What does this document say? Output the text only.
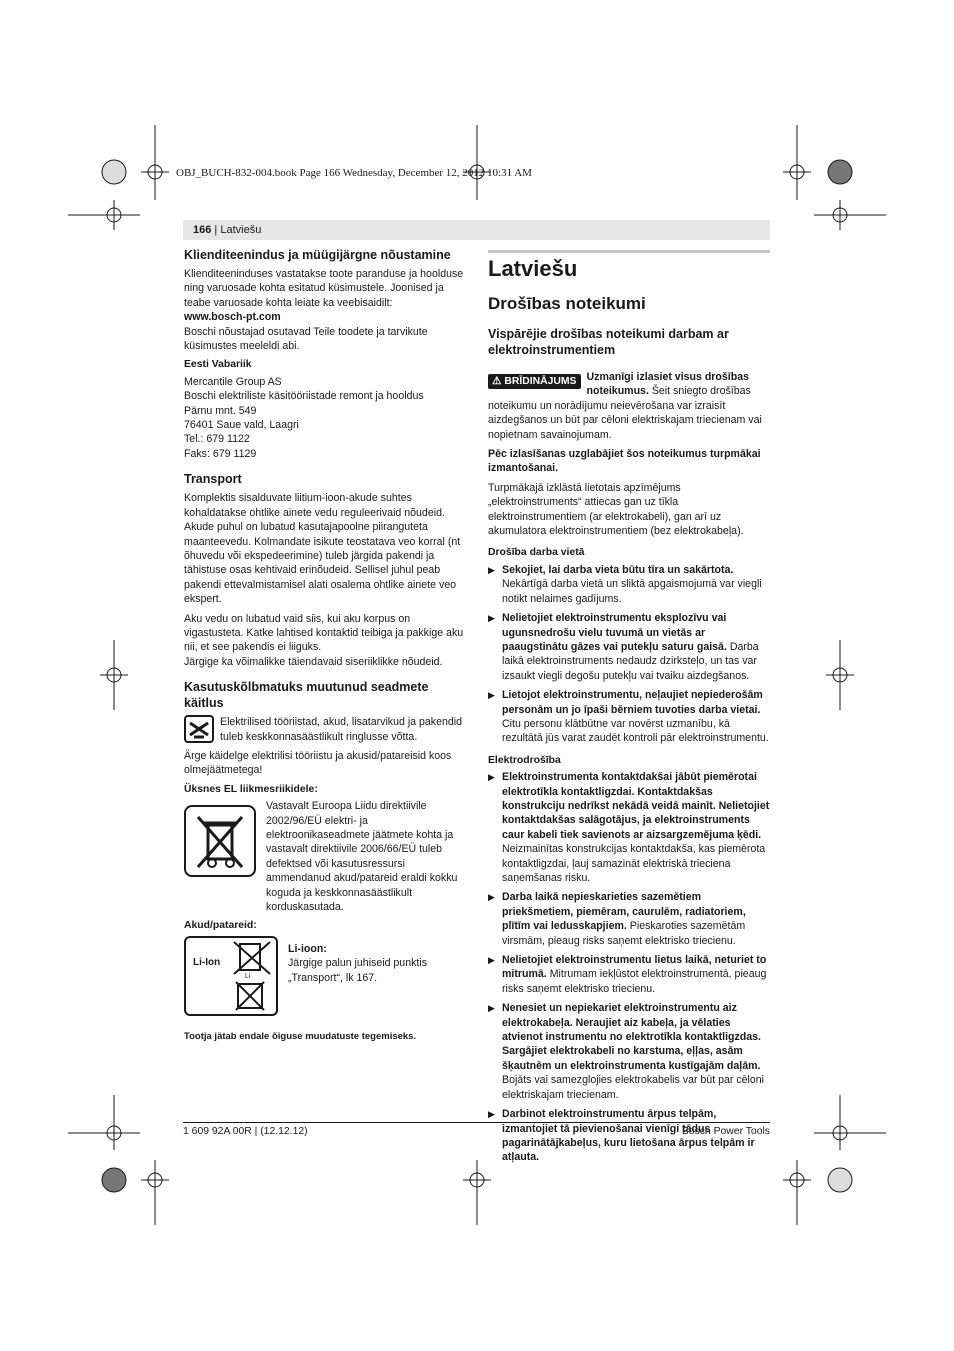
OBJ_BUCH-832-004.book Page 166 Wednesday, December 12, 2012 10:31 AM
166 | Latviešu

Klienditeenindus ja müügijärgne nõustamine

Klienditeeninduses vastatakse toote paranduse ja hoolduse ning varuosade kohta esitatud küsimustele. Joonised ja teabe varuosade kohta leiate ka veebisaidilt:

www.bosch-pt.com

Boschi nõustajad osutavad Teile toodete ja tarvikute küsimustes meeleldi abi.

Eesti Vabariik

Mercantile Group AS

Boschi elektriliste käsitööriistade remont ja hooldus

Pärnu mnt. 549

76401 Saue vald, Laagri

Tel.: 679 1122

Faks: 679 1129

Transport

Komplektis sisalduvate liitium-ioon-akude suhtes kohaldatakse ohtlike ainete vedu reguleerivaid nõudeid. Akude puhul on lubatud kasutajapoolne piiranguteta maanteevedu. Kolmandate isikute teostatava veo korral (nt õhuvedu või ekspedeerimine) tuleb järgida pakendi ja tähistuse osas kehtivaid erinõudeid. Sellisel juhul peab pakendi ettevalmistamisel alati osalema ohtlike ainete veo ekspert.

Aku vedu on lubatud vaid siis, kui aku korpus on vigastusteta. Katke lahtised kontaktid teibiga ja pakkige aku nii, et see pakendis ei liiguks.

Järgige ka võimalikke täiendavaid siseriiklikke nõudeid.

Kasutuskõlbmatuks muutunud seadmete käitlus

Elektrilised tööriistad, akud, lisatarvikud ja pakendid tuleb keskkonnasäästlikult ringlusse võtta.

Ärge käidelge elektrilisi tööriistu ja akusid/patareisid koos olmejäätmetega!

Üksnes EL liikmesriikidele:

Vastavalt Euroopa Liidu direktiivile 2002/96/EÜ elektri- ja elektroonikaseadmete jäätmete kohta ja vastavalt direktiivile 2006/66/EÜ tuleb defektsed või kasutusressursi ammendanud akud/patareid eraldi kokku koguda ja keskkonnasäästlikult korduskasutada.

Akud/patareid:

Li-Ion
Li

Li-ioon:

Järgige palun juhiseid punktis „Transport“, lk 167.

Tootja jätab endale õiguse muudatuste tegemiseks.

Latviešu

Drošības noteikumi

Vispārējie drošības noteikumi darbam ar elektroinstrumentiem

⚠ BRĪDINĀJUMS Uzmanīgi izlasiet visus drošības noteikumus. Šeit sniegto drošības noteikumu un norādījumu neievērošana var izraisīt aizdegšanos un būt par cēloni elektriskajam triecienam vai nopietnam savainojumam.

Pēc izlasīšanas uzglabājiet šos noteikumus turpmākai izmantošanai.

Turpmākajā izklāstā lietotais apzīmējums „elektroinstruments“ attiecas gan uz tīkla elektroinstrumentiem (ar elektrokabeli), gan arī uz akumulatora elektroinstrumentiem (bez elektrokabeļa).

Drošība darba vietā

▶ Sekojiet, lai darba vieta būtu tīra un sakārtota. Nekārtīgā darba vietā un sliktā apgaismojumā var viegli notikt nelaimes gadījums.

▶ Nelietojiet elektroinstrumentu eksplozīvu vai ugunsnedrošu vielu tuvumā un vietās ar paaugstinātu gāzes vai putekļu saturu gaisā. Darba laikā elektroinstruments nedaudz dzirksteļo, un tas var izsaukt viegli degošu putekļu vai tvaiku aizdegšanos.

▶ Lietojot elektroinstrumentu, neļaujiet nepiederošām personām un jo īpaši bērniem tuvoties darba vietai. Citu personu klātbūtne var novērst uzmanību, kā rezultātā jūs varat zaudēt kontroli pār elektroinstrumentu.

Elektrodrošība

▶ Elektroinstrumenta kontaktdakšai jābūt piemērotai elektrotīkla kontaktligzdai. Kontaktdakšas konstrukciju nedrīkst nekādā veidā mainīt. Nelietojiet kontaktdakšas salāgotājus, ja elektroinstruments caur kabeli tiek savienots ar aizsargzemējuma ķēdi. Neizmainītas konstrukcijas kontaktdakša, kas piemērota kontaktligzdai, ļauj samazināt elektriskā trieciena saņemšanas risku.

▶ Darba laikā nepieskarieties sazemētiem priekšmetiem, piemēram, caurulēm, radiatoriem, plītīm vai ledusskapjiem. Pieskaroties sazemētām virsmām, pieaug risks saņemt elektrisko triecienu.

▶ Nelietojiet elektroinstrumentu lietus laikā, neturiet to mitrumā. Mitrumam iekļūstot elektroinstrumentā, pieaug risks saņemt elektrisko triecienu.

▶ Nenesiet un nepiekariet elektroinstrumentu aiz elektrokabeļa. Neraujiet aiz kabeļa, ja vēlaties atvienot instrumentu no elektrotīkla kontaktligzdas. Sargājiet elektrokabeli no karstuma, eļļas, asām šķautnēm un elektroinstrumenta kustīgajām daļām. Bojāts vai samezglojies elektrokabelis var būt par cēloni elektriskajam triecienam.

▶ Darbinot elektroinstrumentu ārpus telpām, izmantojiet tā pievienošanai vienīgi tādus pagarinātājkabeļus, kuru lietošana ārpus telpām ir atļauta.

1 609 92A 00R | (12.12.12)	Bosch Power Tools
